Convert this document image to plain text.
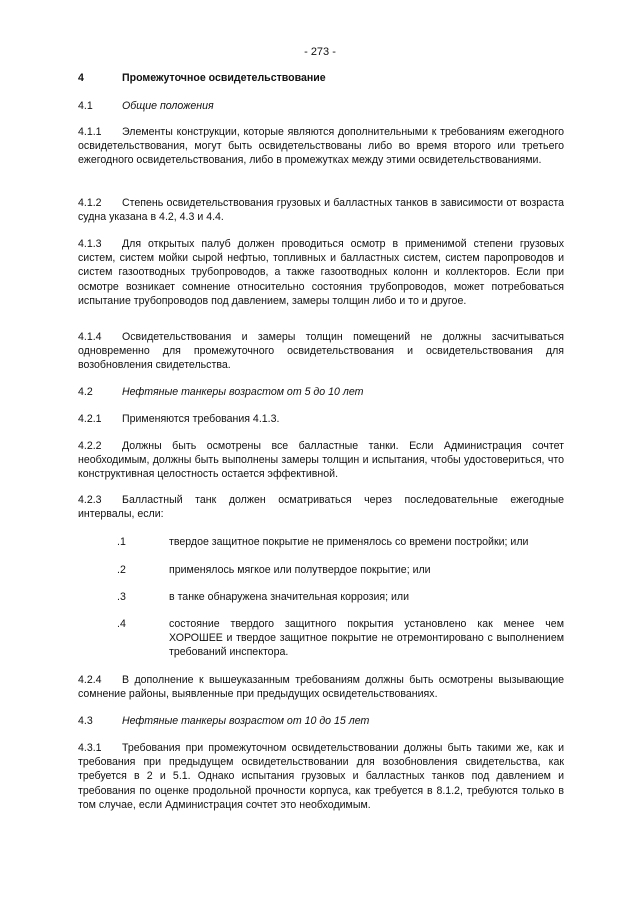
- 273 -
4	Промежуточное освидетельствование
4.1	Общие положения
4.1.1 Элементы конструкции, которые являются дополнительными к требованиям ежегодного освидетельствования, могут быть освидетельствованы либо во время второго или третьего ежегодного освидетельствования, либо в промежутках между этими освидетельствованиями.
4.1.2 Степень освидетельствования грузовых и балластных танков в зависимости от возраста судна указана в 4.2, 4.3 и 4.4.
4.1.3 Для открытых палуб должен проводиться осмотр в применимой степени грузовых систем, систем мойки сырой нефтью, топливных и балластных систем, систем паропроводов и систем газоотводных трубопроводов, а также газоотводных колонн и коллекторов. Если при осмотре возникает сомнение относительно состояния трубопроводов, может потребоваться испытание трубопроводов под давлением, замеры толщин либо и то и другое.
4.1.4 Освидетельствования и замеры толщин помещений не должны засчитываться одновременно для промежуточного освидетельствования и освидетельствования для возобновления свидетельства.
4.2	Нефтяные танкеры возрастом от 5 до 10 лет
4.2.1 Применяются требования 4.1.3.
4.2.2 Должны быть осмотрены все балластные танки. Если Администрация сочтет необходимым, должны быть выполнены замеры толщин и испытания, чтобы удостовериться, что конструктивная целостность остается эффективной.
4.2.3 Балластный танк должен осматриваться через последовательные ежегодные интервалы, если:
.1	твердое защитное покрытие не применялось со времени постройки; или
.2	применялось мягкое или полутвердое покрытие; или
.3	в танке обнаружена значительная коррозия; или
.4	состояние твердого защитного покрытия установлено как менее чем ХОРОШЕЕ и твердое защитное покрытие не отремонтировано с выполнением требований инспектора.
4.2.4 В дополнение к вышеуказанным требованиям должны быть осмотрены вызывающие сомнение районы, выявленные при предыдущих освидетельствованиях.
4.3	Нефтяные танкеры возрастом от 10 до 15 лет
4.3.1 Требования при промежуточном освидетельствовании должны быть такими же, как и требования при предыдущем освидетельствовании для возобновления свидетельства, как требуется в 2 и 5.1. Однако испытания грузовых и балластных танков под давлением и требования по оценке продольной прочности корпуса, как требуется в 8.1.2, требуются только в том случае, если Администрация сочтет это необходимым.
